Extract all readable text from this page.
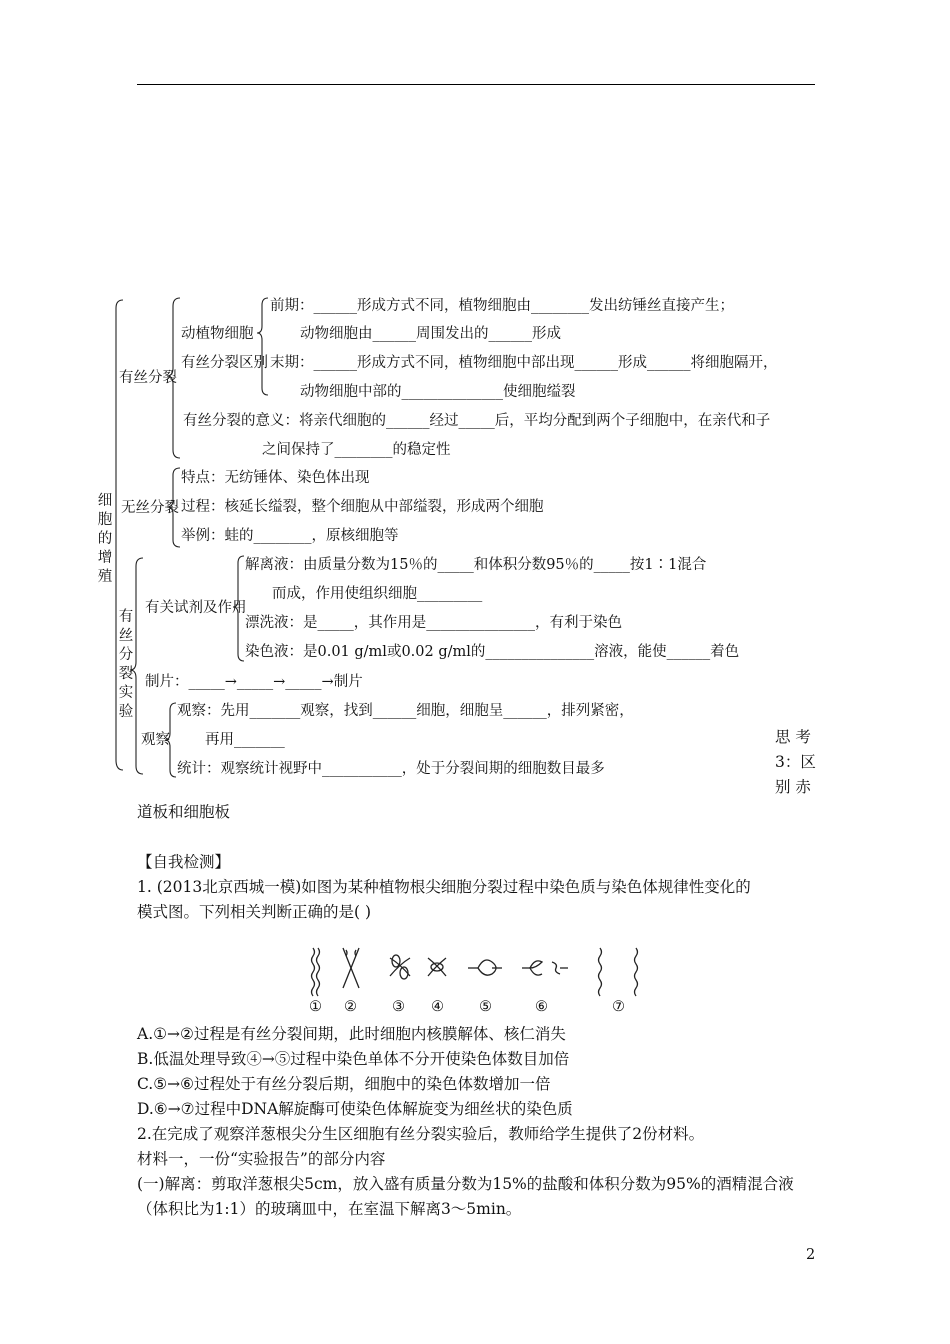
细胞的增殖
有丝分裂
动植物细胞
有丝分裂区别
前期：______形成方式不同，植物细胞由________发出纺锤丝直接产生；
动物细胞由______周围发出的______形成
末期：______形成方式不同，植物细胞中部出现______形成______将细胞隔开，
动物细胞中部的______________使细胞缢裂
有丝分裂的意义：将亲代细胞的______经过_____后，平均分配到两个子细胞中，在亲代和子
之间保持了________的稳定性
无丝分裂
特点：无纺锤体、染色体出现
过程：核延长缢裂，整个细胞从中部缢裂，形成两个细胞
举例：蛙的________，原核细胞等
有丝分裂实验
有关试剂及作用
解离液：由质量分数为15％的_____和体积分数95％的_____按1∶1混合
而成，作用使组织细胞_________
漂洗液：是_____，其作用是_______________，有利于染色
染色液：是0.01 g/ml或0.02 g/ml的_______________溶液，能使______着色
制片：_____→_____→_____→制片
观察
观察：先用_______观察，找到______细胞，细胞呈______，排列紧密，
再用_______
统计：观察统计视野中___________，处于分裂间期的细胞数目最多
思 考
3：区
别 赤
道板和细胞板
【自我检测】
1. (2013北京西城一模)如图为某种植物根尖细胞分裂过程中染色质与染色体规律性变化的
模式图。下列相关判断正确的是( )
① ② ③ ④ ⑤	⑥	⑦
A.①→②过程是有丝分裂间期，此时细胞内核膜解体、核仁消失
B.低温处理导致④→⑤过程中染色单体不分开使染色体数目加倍
C.⑤→⑥过程处于有丝分裂后期，细胞中的染色体数增加一倍
D.⑥→⑦过程中DNA解旋酶可使染色体解旋变为细丝状的染色质
2.在完成了观察洋葱根尖分生区细胞有丝分裂实验后，教师给学生提供了2份材料。
材料一，一份“实验报告”的部分内容
(一)解离：剪取洋葱根尖5cm，放入盛有质量分数为15%的盐酸和体积分数为95%的酒精混合液
（体积比为1:1）的玻璃皿中，在室温下解离3～5min。
2
